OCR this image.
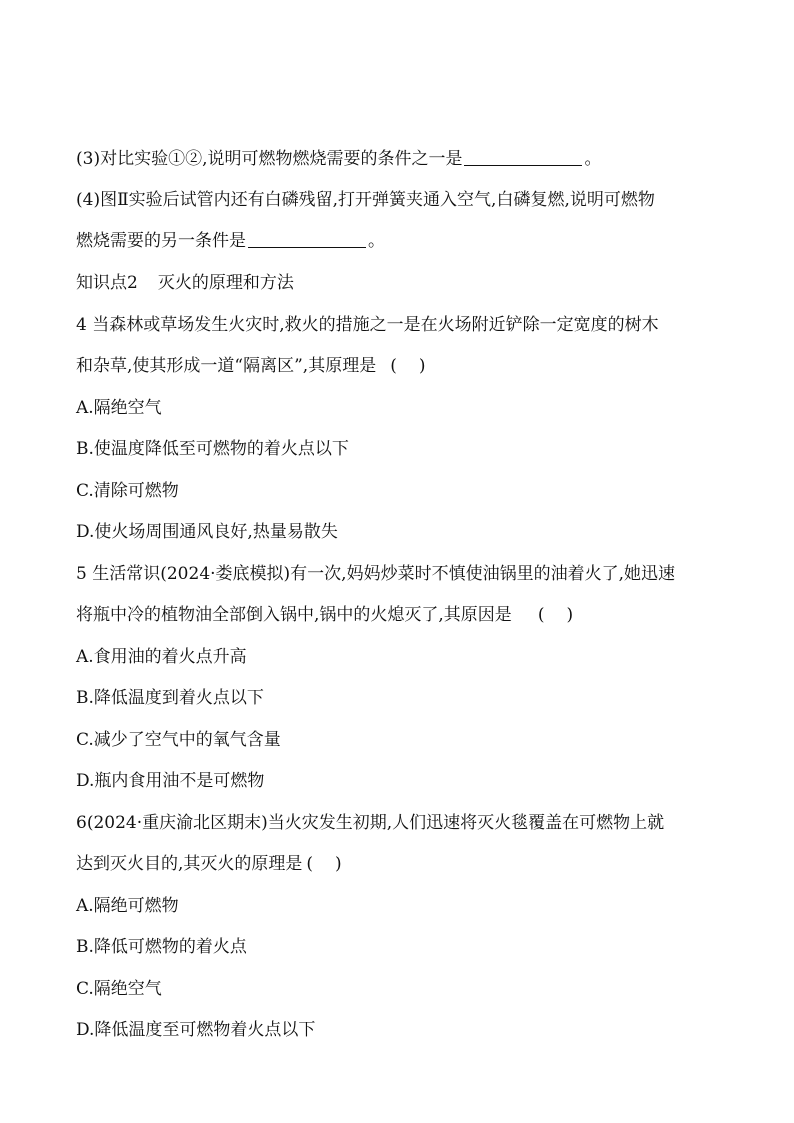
(3)对比实验①②,说明可燃物燃烧需要的条件之一是	。
(4)图Ⅱ实验后试管内还有白磷残留,打开弹簧夹通入空气,白磷复燃,说明可燃物
燃烧需要的另一条件是	。
知识点2 灭火的原理和方法
4 当森林或草场发生火灾时,救火的措施之一是在火场附近铲除一定宽度的树木
和杂草,使其形成一道“隔离区”,其原理是 ( )
A.隔绝空气
B.使温度降低至可燃物的着火点以下
C.清除可燃物
D.使火场周围通风良好,热量易散失
5 生活常识(2024·娄底模拟)有一次,妈妈炒菜时不慎使油锅里的油着火了,她迅速
将瓶中冷的植物油全部倒入锅中,锅中的火熄灭了,其原因是 ( )
A.食用油的着火点升高
B.降低温度到着火点以下
C.减少了空气中的氧气含量
D.瓶内食用油不是可燃物
6(2024·重庆渝北区期末)当火灾发生初期,人们迅速将灭火毯覆盖在可燃物上就
达到灭火目的,其灭火的原理是 ( )
A.隔绝可燃物
B.降低可燃物的着火点
C.隔绝空气
D.降低温度至可燃物着火点以下
